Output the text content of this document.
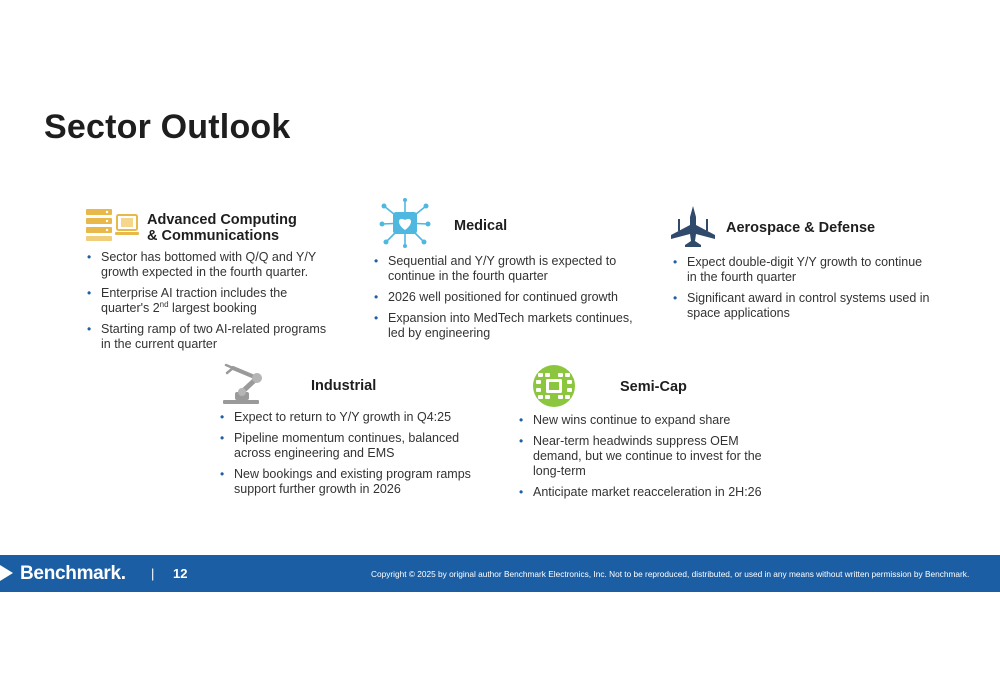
Sector Outlook
Advanced Computing
& Communications
• Sector has bottomed with Q/Q and Y/Y growth expected in the fourth quarter.
• Enterprise AI traction includes the quarter's 2nd largest booking
• Starting ramp of two AI-related programs in the current quarter
Medical
• Sequential and Y/Y growth is expected to continue in the fourth quarter
• 2026 well positioned for continued growth
• Expansion into MedTech markets continues, led by engineering
Aerospace & Defense
• Expect double-digit Y/Y growth to continue in the fourth quarter
• Significant award in control systems used in space applications
Industrial
• Expect to return to Y/Y growth in Q4:25
• Pipeline momentum continues, balanced across engineering and EMS
• New bookings and existing program ramps support further growth in 2026
Semi-Cap
• New wins continue to expand share
• Near-term headwinds suppress OEM demand, but we continue to invest for the long-term
• Anticipate market reacceleration in 2H:26
Benchmark. | 12	Copyright © 2025 by original author Benchmark Electronics, Inc. Not to be reproduced, distributed, or used in any means without written permission by Benchmark.
